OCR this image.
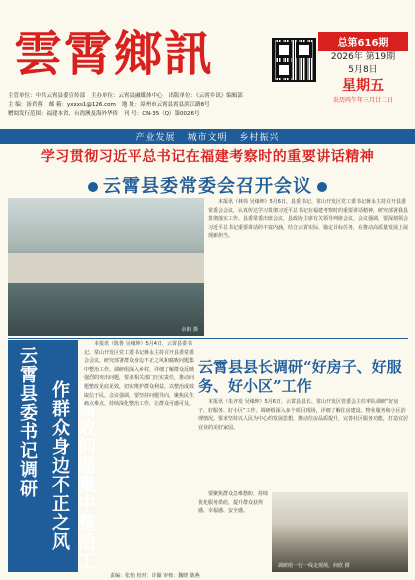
雲霄鄉訊	总第616期
2026年 第19期
5月8日
星期五
农历丙午年三月廿二日
主管单位：中共云霄县委宣传部 主办单位：云霄县融媒体中心 出版单位：《云霄乡讯》编辑部
主 编：汤君蓉 邮 箱：yxxxs1@126.com 地 址：漳州市云霄县霄县滨江路8号
赠阅发行范围：福建本省，台湾澳及海外华侨 刊 号：CN-35（Q）第0026号
产业发展 城市文明 乡村振兴
学习贯彻习近平总书记在福建考察时的重要讲话精神
云霄县委常委会召开会议
余祖 摄
本报讯（林伟 吴缘坤）5月6日，县委书记、常山开发区党工委书记蒋永主持召开县委常委会会议，认真传达学习贯彻习近平总书记在福建考察时的重要讲话精神，研究部署我县贯彻落实工作。县委常委出席会议，县政协主席有关领导列席会议。会议强调，要深刻领会习近平总书记重要讲话的丰富内涵，结合云霄实际，锚定目标任务，在推动高质量发展上展现新担当。
云霄县委书记调研	和腐败问题集中整治工作群众身边不正之风
本报讯（陈鲁 吴缘坤）5月4日，云霄县委书记、常山开发区党工委书记蒋永主持召开县委常委会会议，研究部署群众身边不正之风和腐败问题集中整治工作。调研组深入乡村，详细了解群众反映强烈的突出问题，要求相关部门压实责任，推动问题整改见底见效，切实维护群众利益，以整治成效取信于民。会议强调，要坚持问题导向，聚焦民生痛点难点，持续深化整治工作，让群众可感可及。
云霄县县长调研“好房子、好服务、好小区”工作
本报讯（朱齐发 吴缘坤）5月6日，云霄县县长、常山开发区管委会主任率队调研“好房子、好服务、好小区”工作。调研组深入多个项目现场，详细了解住房建设、物业服务和小区治理情况。要求坚持以人民为中心的发展思想，推动住房品质提升，完善社区服务功能，打造宜居宜业的美好家园。
要聚焦群众急难愁盼，持续优化服务供给，提升群众获得感、幸福感、安全感。
调研组一行一线走现场。何欣 摄
责编：张怡 校对：许颖 审核：魏晓 陈燕
